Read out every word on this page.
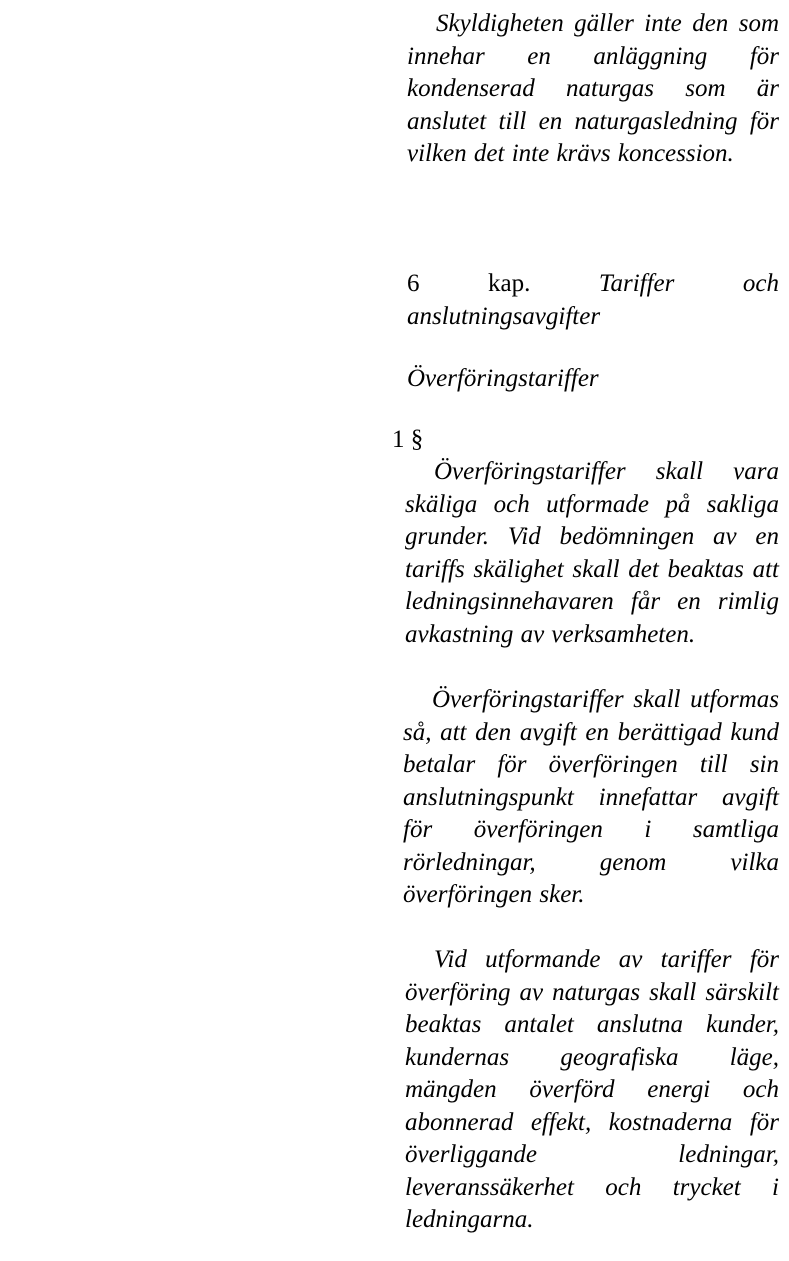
Skyldigheten gäller inte den som innehar en anläggning för kondenserad naturgas som är anslutet till en naturgasledning för vilken det inte krävs koncession.

6 kap.	Tariffer och anslutningsavgifter

Överföringstariffer

Överföringstariffer skall vara skäliga och utformade på sakliga grunder. Vid bedömningen av en tariffs skälighet skall det beaktas att ledningsinnehavaren får en rimlig avkastning av verksamheten.

Överföringstariffer skall utformas så, att den avgift en berättigad kund betalar för överföringen till sin anslutningspunkt innefattar avgift för överföringen i samtliga rörledningar, genom vilka överföringen sker.

Vid utformande av tariffer för överföring av naturgas skall särskilt beaktas antalet anslutna kunder, kundernas geografiska läge, mängden överförd energi och abonnerad effekt, kostnaderna för överliggande ledningar, leveranssäkerhet och trycket i ledningarna.

1 §
